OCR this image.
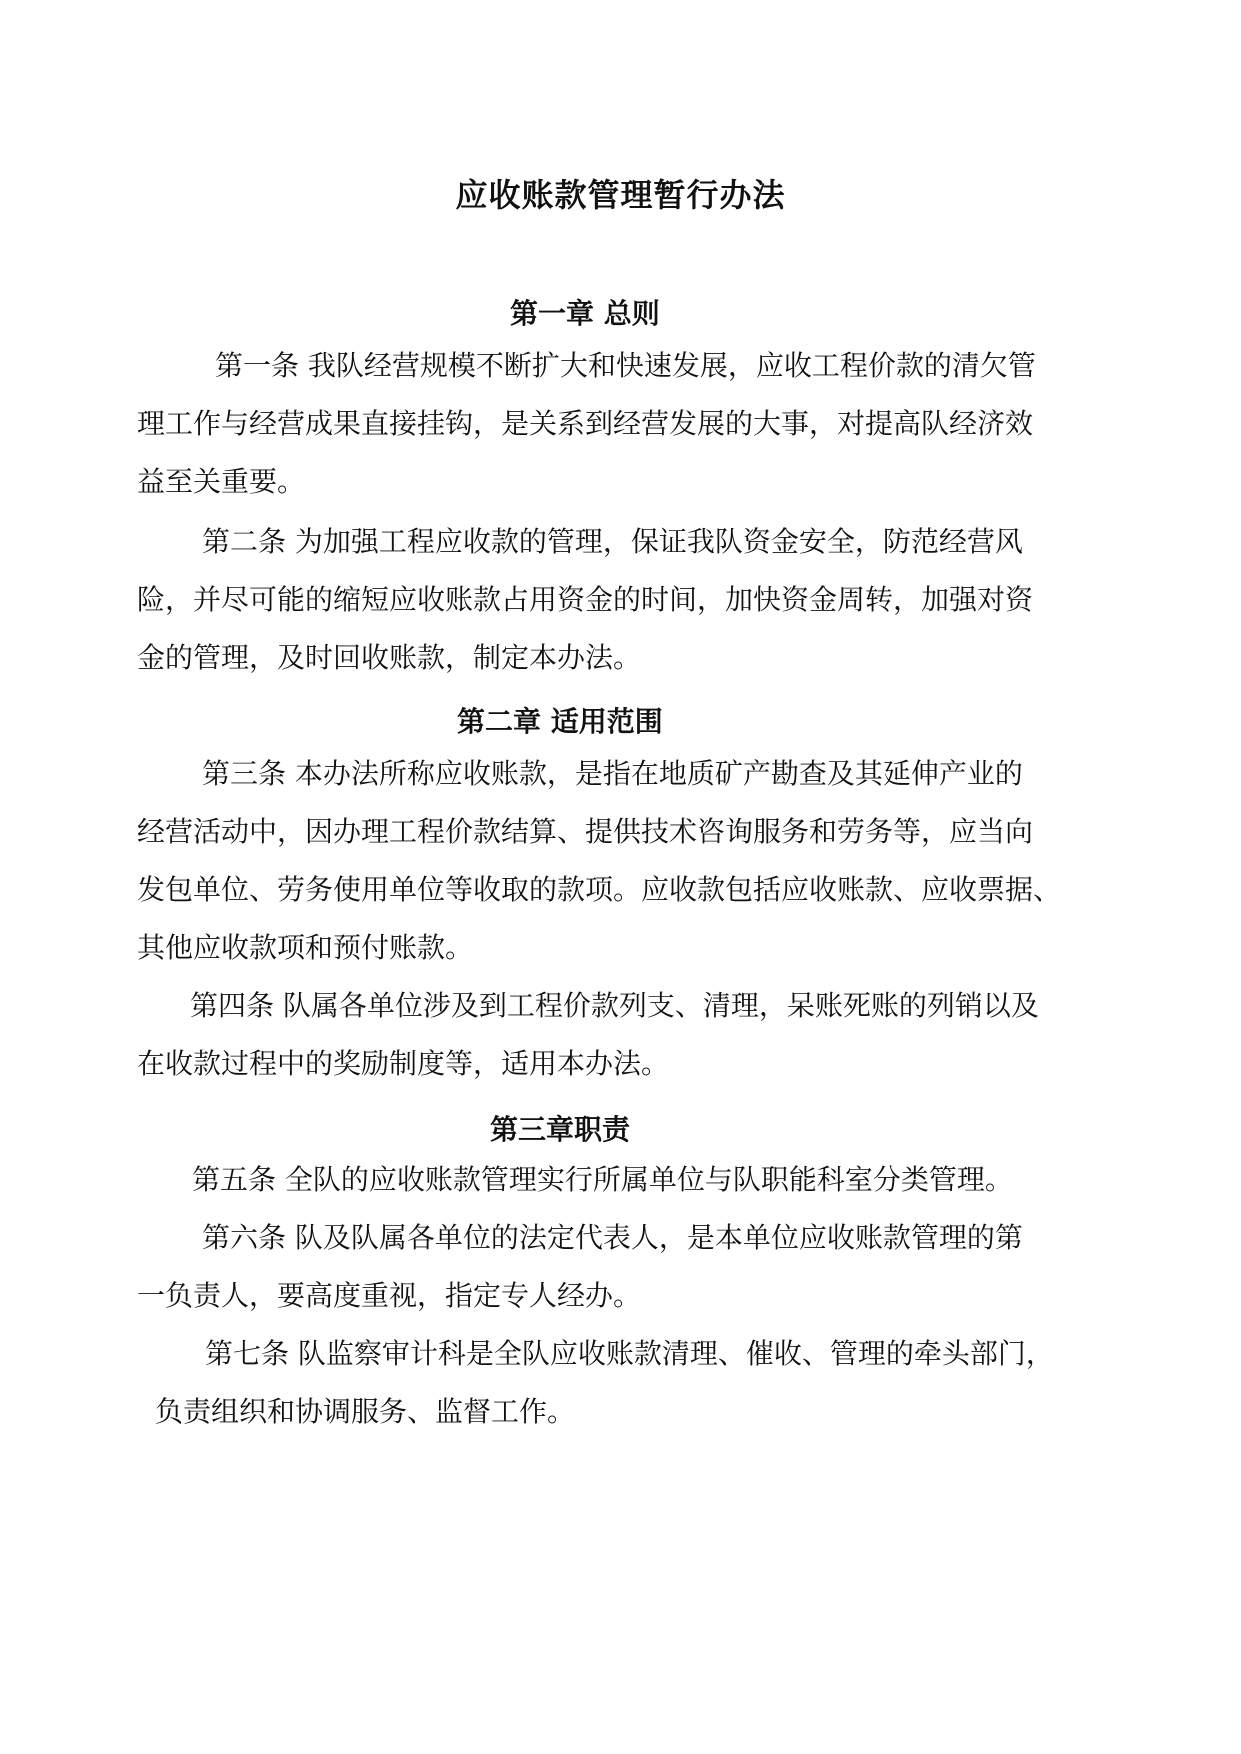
应收账款管理暂行办法
第一章 总则
第一条 我队经营规模不断扩大和快速发展，应收工程价款的清欠管
理工作与经营成果直接挂钩，是关系到经营发展的大事，对提高队经济效
益至关重要。
第二条 为加强工程应收款的管理，保证我队资金安全，防范经营风
险，并尽可能的缩短应收账款占用资金的时间，加快资金周转，加强对资
金的管理，及时回收账款，制定本办法。
第二章 适用范围
第三条 本办法所称应收账款，是指在地质矿产勘查及其延伸产业的
经营活动中，因办理工程价款结算、提供技术咨询服务和劳务等，应当向
发包单位、劳务使用单位等收取的款项。应收款包括应收账款、应收票据、
其他应收款项和预付账款。
第四条 队属各单位涉及到工程价款列支、清理，呆账死账的列销以及
在收款过程中的奖励制度等，适用本办法。
第三章职责
第五条 全队的应收账款管理实行所属单位与队职能科室分类管理。
第六条 队及队属各单位的法定代表人，是本单位应收账款管理的第
一负责人，要高度重视，指定专人经办。
第七条 队监察审计科是全队应收账款清理、催收、管理的牵头部门，
负责组织和协调服务、监督工作。
